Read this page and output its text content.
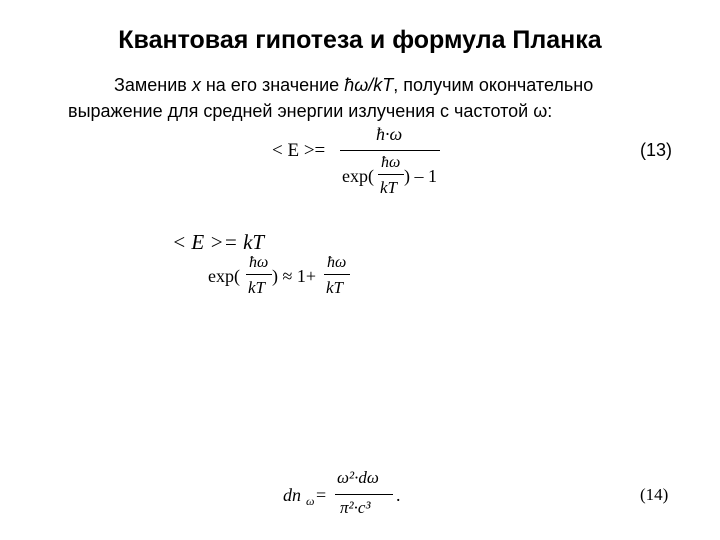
Квантовая гипотеза и формула Планка
Заменив x на его значение ħω/kT, получим окончательно
выражение для средней энергии излучения с частотой ω:
< E >=
ħ·ω
exp(
ħω
kT
) – 1
(13)
< E >= kT
exp(
ħω
kT
) ≈ 1+
ħω
kT
dn ω =
ω²·dω
π²·c³
.	(14)
